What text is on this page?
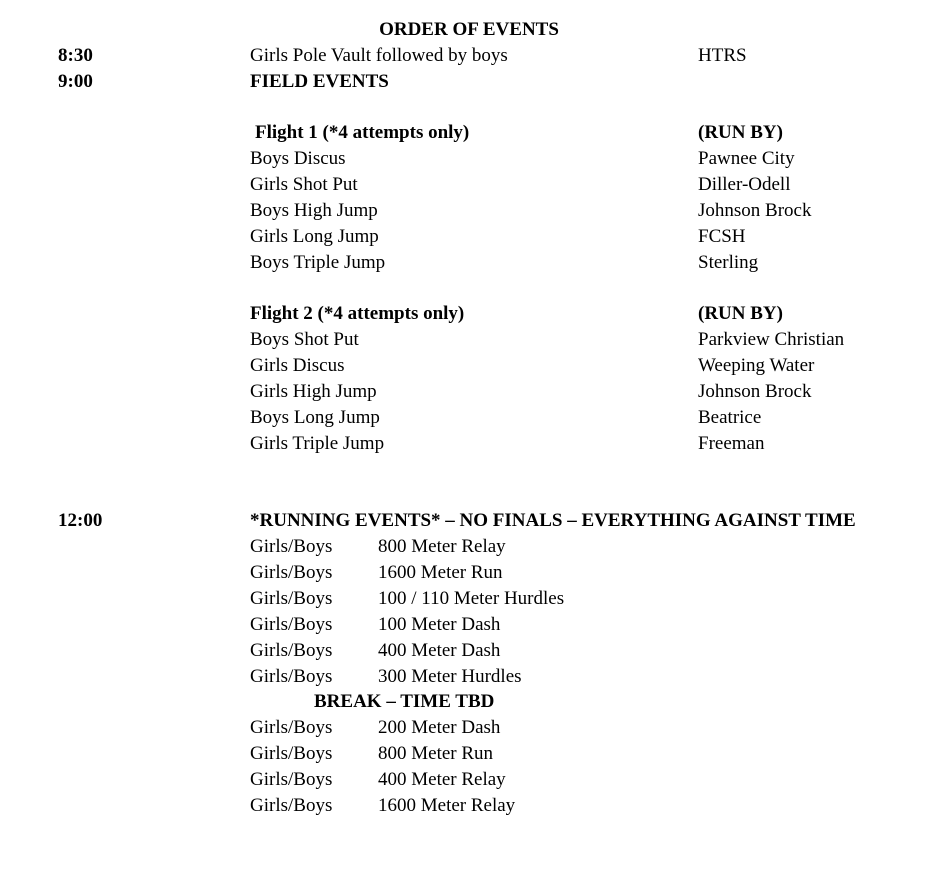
ORDER OF EVENTS
8:30	Girls Pole Vault followed by boys	HTRS
9:00	FIELD EVENTS
Flight 1 (*4 attempts only)	(RUN BY)
Boys Discus	Pawnee City
Girls Shot Put	Diller-Odell
Boys High Jump	Johnson Brock
Girls Long Jump	FCSH
Boys Triple Jump	Sterling
Flight 2 (*4 attempts only)	(RUN BY)
Boys Shot Put	Parkview Christian
Girls Discus	Weeping Water
Girls High Jump	Johnson Brock
Boys Long Jump	Beatrice
Girls Triple Jump	Freeman
12:00	*RUNNING EVENTS* – NO FINALS – EVERYTHING AGAINST TIME
Girls/Boys 800 Meter Relay
Girls/Boys 1600 Meter Run
Girls/Boys 100 / 110 Meter Hurdles
Girls/Boys 100 Meter Dash
Girls/Boys 400 Meter Dash
Girls/Boys 300 Meter Hurdles
BREAK – TIME TBD
Girls/Boys 200 Meter Dash
Girls/Boys 800 Meter Run
Girls/Boys 400 Meter Relay
Girls/Boys 1600 Meter Relay
